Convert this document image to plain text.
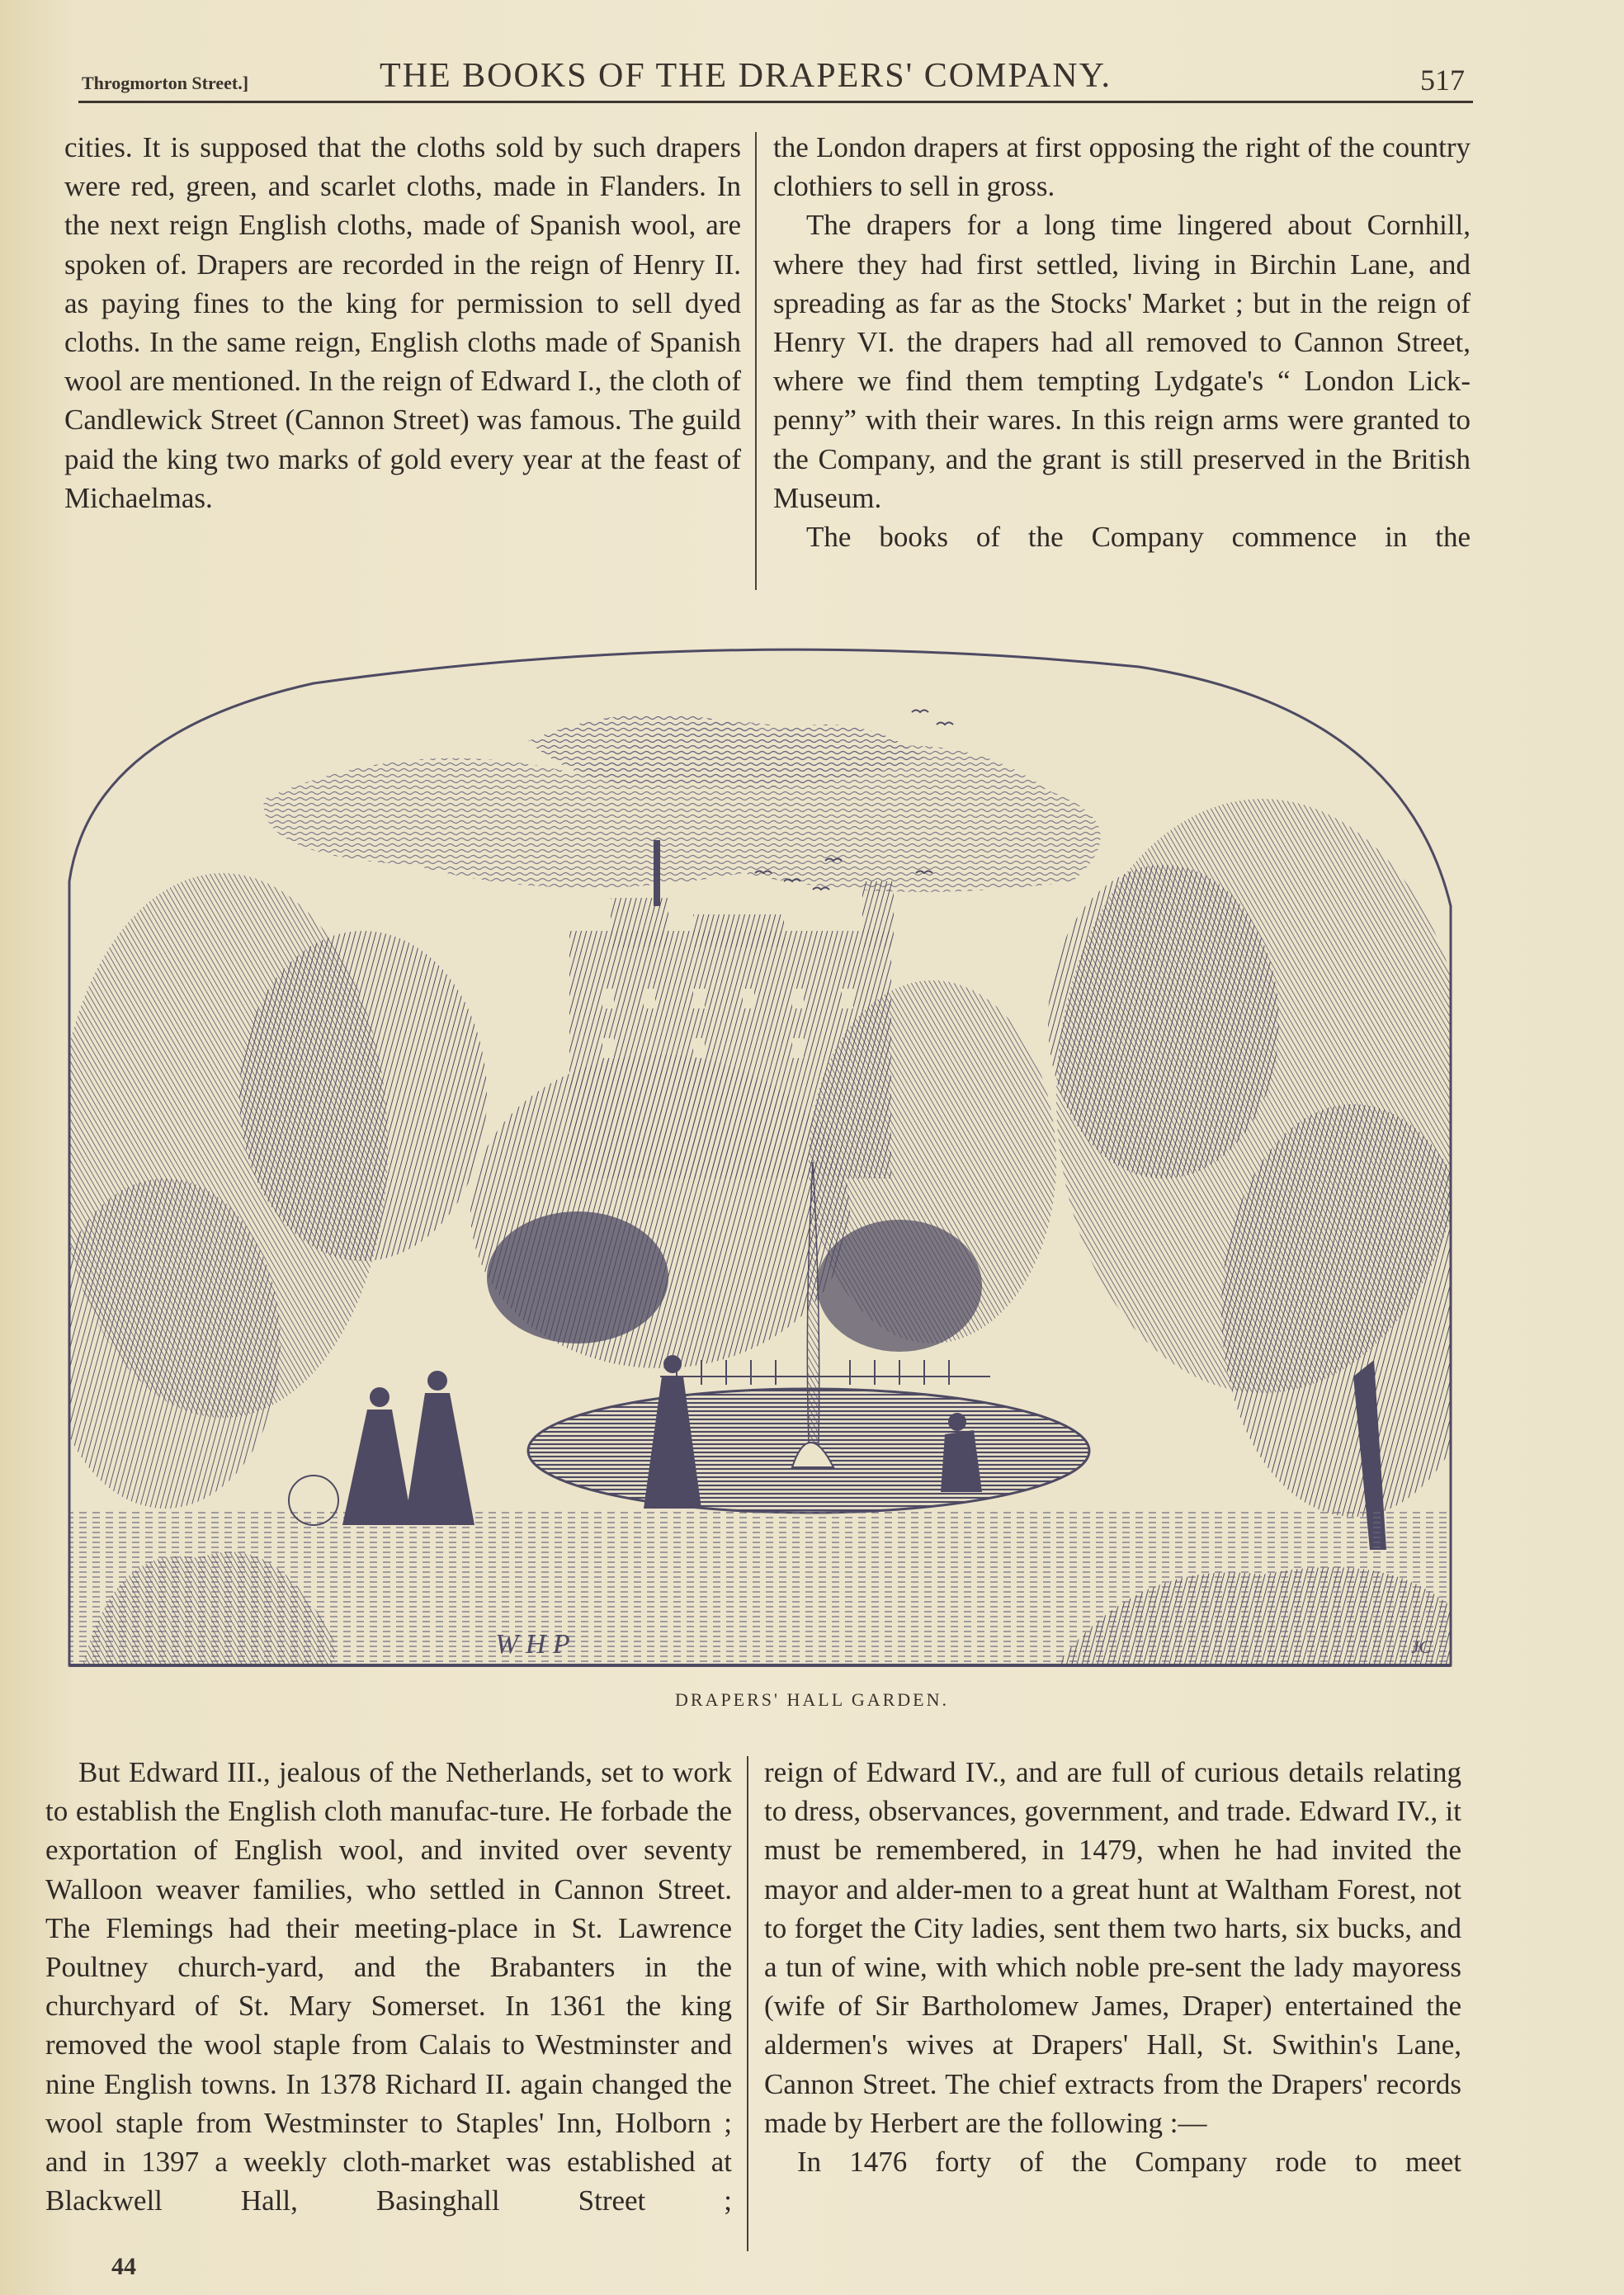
Throgmorton Street.]	THE BOOKS OF THE DRAPERS' COMPANY.	517

cities. It is supposed that the cloths sold by such drapers were red, green, and scarlet cloths, made in Flanders. In the next reign English cloths, made of Spanish wool, are spoken of. Drapers are recorded in the reign of Henry II. as paying fines to the king for permission to sell dyed cloths. In the same reign, English cloths made of Spanish wool are mentioned. In the reign of Edward I., the cloth of Candlewick Street (Cannon Street) was famous. The guild paid the king two marks of gold every year at the feast of Michaelmas.

the London drapers at first opposing the right of the country clothiers to sell in gross.

The drapers for a long time lingered about Cornhill, where they had first settled, living in Birchin Lane, and spreading as far as the Stocks' Market ; but in the reign of Henry VI. the drapers had all removed to Cannon Street, where we find them tempting Lydgate's “ London Lick-penny” with their wares. In this reign arms were granted to the Company, and the grant is still preserved in the British Museum.

The books of the Company commence in the

W H P	JC
DRAPERS' HALL GARDEN.

But Edward III., jealous of the Netherlands, set to work to establish the English cloth manufac-ture. He forbade the exportation of English wool, and invited over seventy Walloon weaver families, who settled in Cannon Street. The Flemings had their meeting-place in St. Lawrence Poultney church-yard, and the Brabanters in the churchyard of St. Mary Somerset. In 1361 the king removed the wool staple from Calais to Westminster and nine English towns. In 1378 Richard II. again changed the wool staple from Westminster to Staples' Inn, Holborn ; and in 1397 a weekly cloth-market was established at Blackwell Hall, Basinghall Street ;

reign of Edward IV., and are full of curious details relating to dress, observances, government, and trade. Edward IV., it must be remembered, in 1479, when he had invited the mayor and alder-men to a great hunt at Waltham Forest, not to forget the City ladies, sent them two harts, six bucks, and a tun of wine, with which noble pre-sent the lady mayoress (wife of Sir Bartholomew James, Draper) entertained the aldermen's wives at Drapers' Hall, St. Swithin's Lane, Cannon Street. The chief extracts from the Drapers' records made by Herbert are the following :—

In 1476 forty of the Company rode to meet

44
